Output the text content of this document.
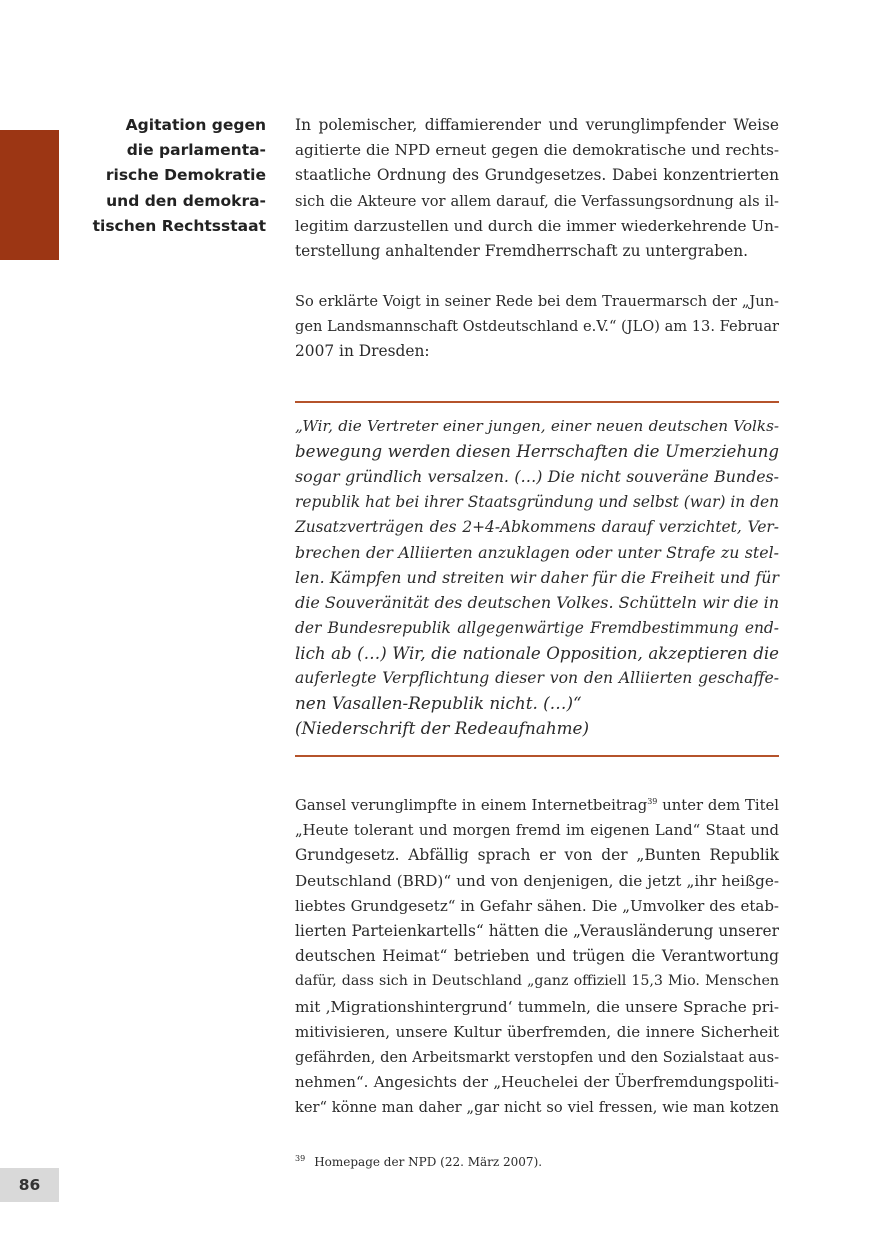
Agitation gegen
die parlamenta-
rische Demokratie
und den demokra-
tischen Rechtsstaat
In polemischer, diffamierender und verunglimpfender Weise
agitierte die NPD erneut gegen die demokratische und rechts-
staatliche Ordnung des Grundgesetzes. Dabei konzentrierten
sich die Akteure vor allem darauf, die Verfassungsordnung als il-
legitim darzustellen und durch die immer wiederkehrende Un-
terstellung anhaltender Fremdherrschaft zu untergraben.
So erklärte Voigt in seiner Rede bei dem Trauermarsch der „Jun-
gen Landsmannschaft Ostdeutschland e.V.“ (JLO) am 13. Februar
2007 in Dresden:
„Wir, die Vertreter einer jungen, einer neuen deutschen Volks-
bewegung werden diesen Herrschaften die Umerziehung
sogar gründlich versalzen. (…) Die nicht souveräne Bundes-
republik hat bei ihrer Staatsgründung und selbst (war) in den
Zusatzverträgen des 2+4-Abkommens darauf verzichtet, Ver-
brechen der Alliierten anzuklagen oder unter Strafe zu stel-
len. Kämpfen und streiten wir daher für die Freiheit und für
die Souveränität des deutschen Volkes. Schütteln wir die in
der Bundesrepublik allgegenwärtige Fremdbestimmung end-
lich ab (…) Wir, die nationale Opposition, akzeptieren die
auferlegte Verpflichtung dieser von den Alliierten geschaffe-
nen Vasallen-Republik nicht. (…)“
(Niederschrift der Redeaufnahme)
Gansel verunglimpfte in einem Internetbeitrag$^{39}$ unter dem Titel
„Heute tolerant und morgen fremd im eigenen Land“ Staat und
Grundgesetz. Abfällig sprach er von der „Bunten Republik
Deutschland (BRD)“ und von denjenigen, die jetzt „ihr heißge-
liebtes Grundgesetz“ in Gefahr sähen. Die „Umvolker des etab-
lierten Parteienkartells“ hätten die „Verausländerung unserer
deutschen Heimat“ betrieben und trügen die Verantwortung
dafür, dass sich in Deutschland „ganz offiziell 15,3 Mio. Menschen
mit ‚Migrationshintergrund‘ tummeln, die unsere Sprache pri-
mitivisieren, unsere Kultur überfremden, die innere Sicherheit
gefährden, den Arbeitsmarkt verstopfen und den Sozialstaat aus-
nehmen“. Angesichts der „Heuchelei der Überfremdungspoliti-
ker“ könne man daher „gar nicht so viel fressen, wie man kotzen
$^{39}$ Homepage der NPD (22. März 2007).
86
